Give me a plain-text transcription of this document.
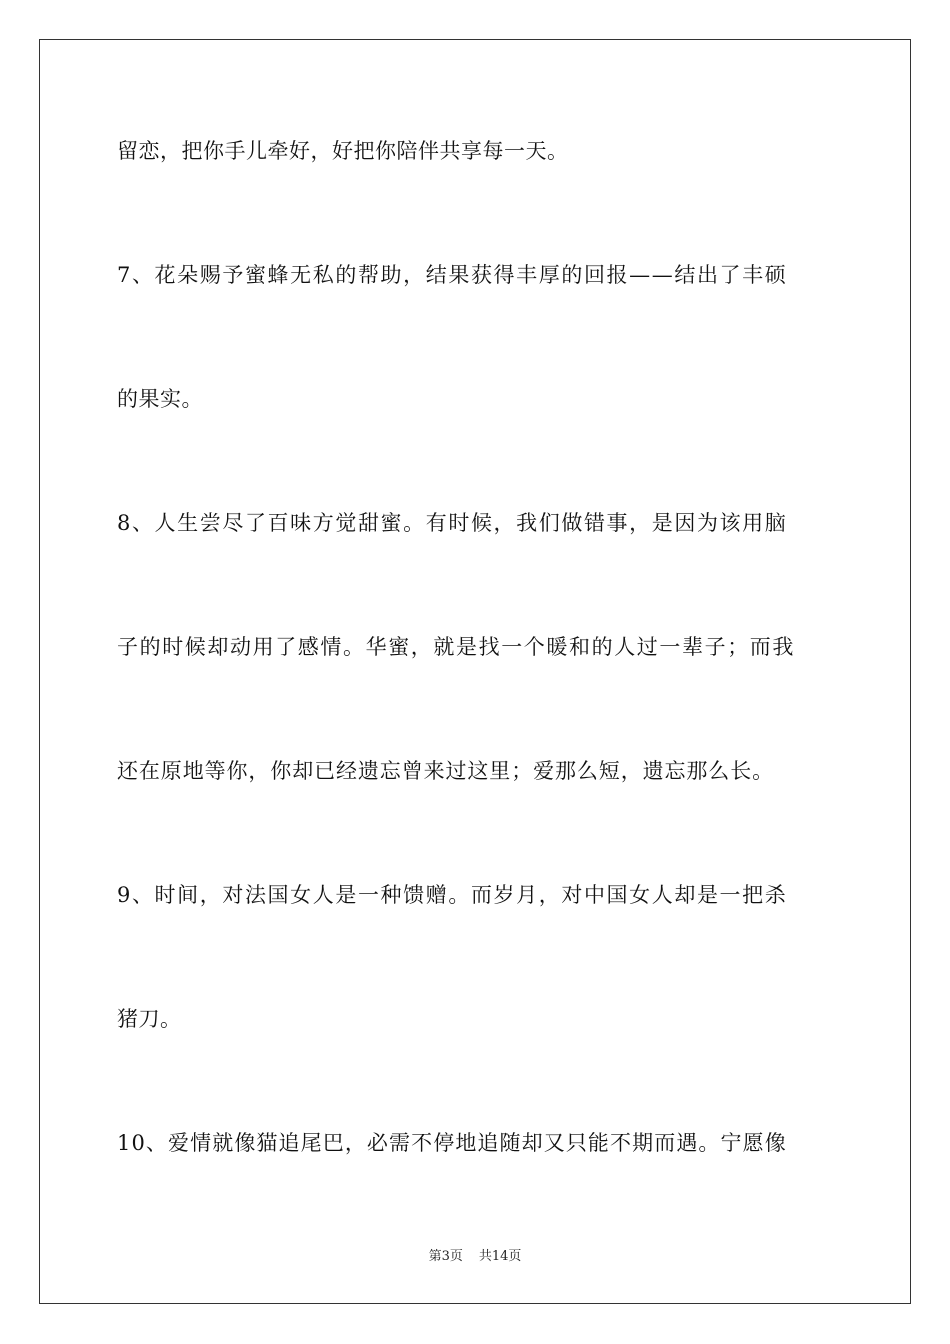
留恋，把你手儿牵好，好把你陪伴共享每一天。

7、花朵赐予蜜蜂无私的帮助，结果获得丰厚的回报——结出了丰硕

的果实。

8、人生尝尽了百味方觉甜蜜。有时候，我们做错事，是因为该用脑

子的时候却动用了感情。华蜜，就是找一个暖和的人过一辈子；而我

还在原地等你，你却已经遗忘曾来过这里；爱那么短，遗忘那么长。

9、时间，对法国女人是一种馈赠。而岁月，对中国女人却是一把杀

猪刀。

10、爱情就像猫追尾巴，必需不停地追随却又只能不期而遇。宁愿像

第3页 共14页
